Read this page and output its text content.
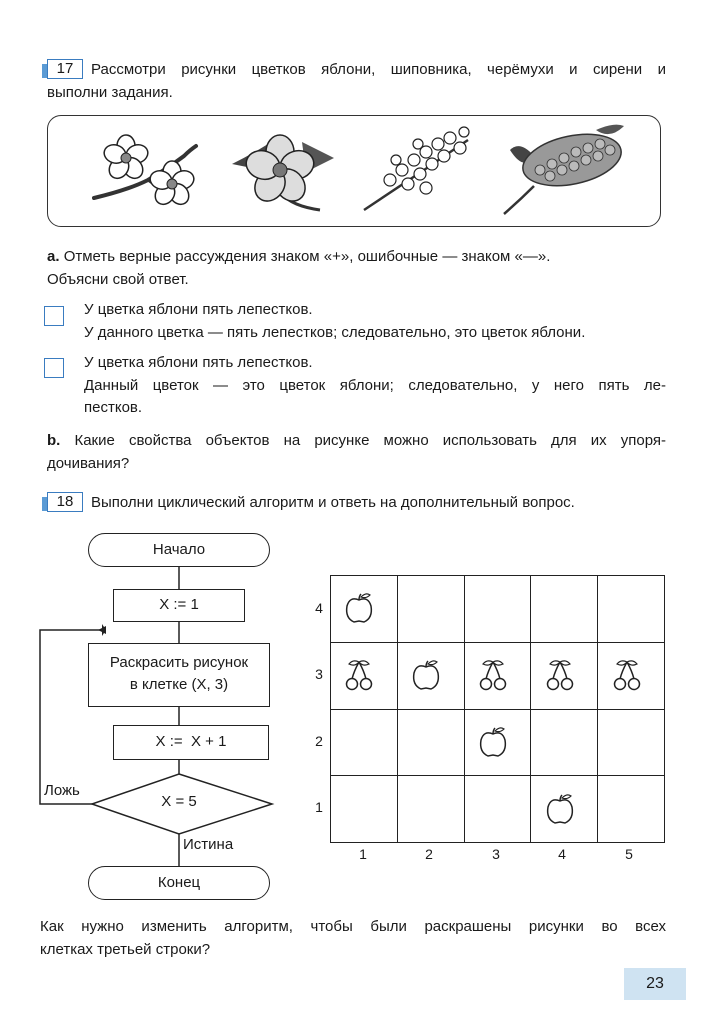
17	Рассмотри рисунки цветков яблони, шиповника, черёмухи и сирени и
выполни задания.
a. Отметь верные рассуждения знаком «+», ошибочные — знаком «—».
Объясни свой ответ.
У цветка яблони пять лепестков.
У данного цветка — пять лепестков; следовательно, это цветок яблони.
У цветка яблони пять лепестков.
Данный цветок — это цветок яблони; следовательно, у него пять ле-
пестков.
b. Какие свойства объектов на рисунке можно использовать для их упоря-
дочивания?
18	Выполни циклический алгоритм и ответь на дополнительный вопрос.
Начало
X := 1
Раскрасить рисунок
в клетке (X, 3)
X :=  X + 1
X = 5
Ложь
Истина
Конец
4
3
2
1
1	2	3	4	5
Как нужно изменить алгоритм, чтобы были раскрашены рисунки во всех
клетках третьей строки?
23
